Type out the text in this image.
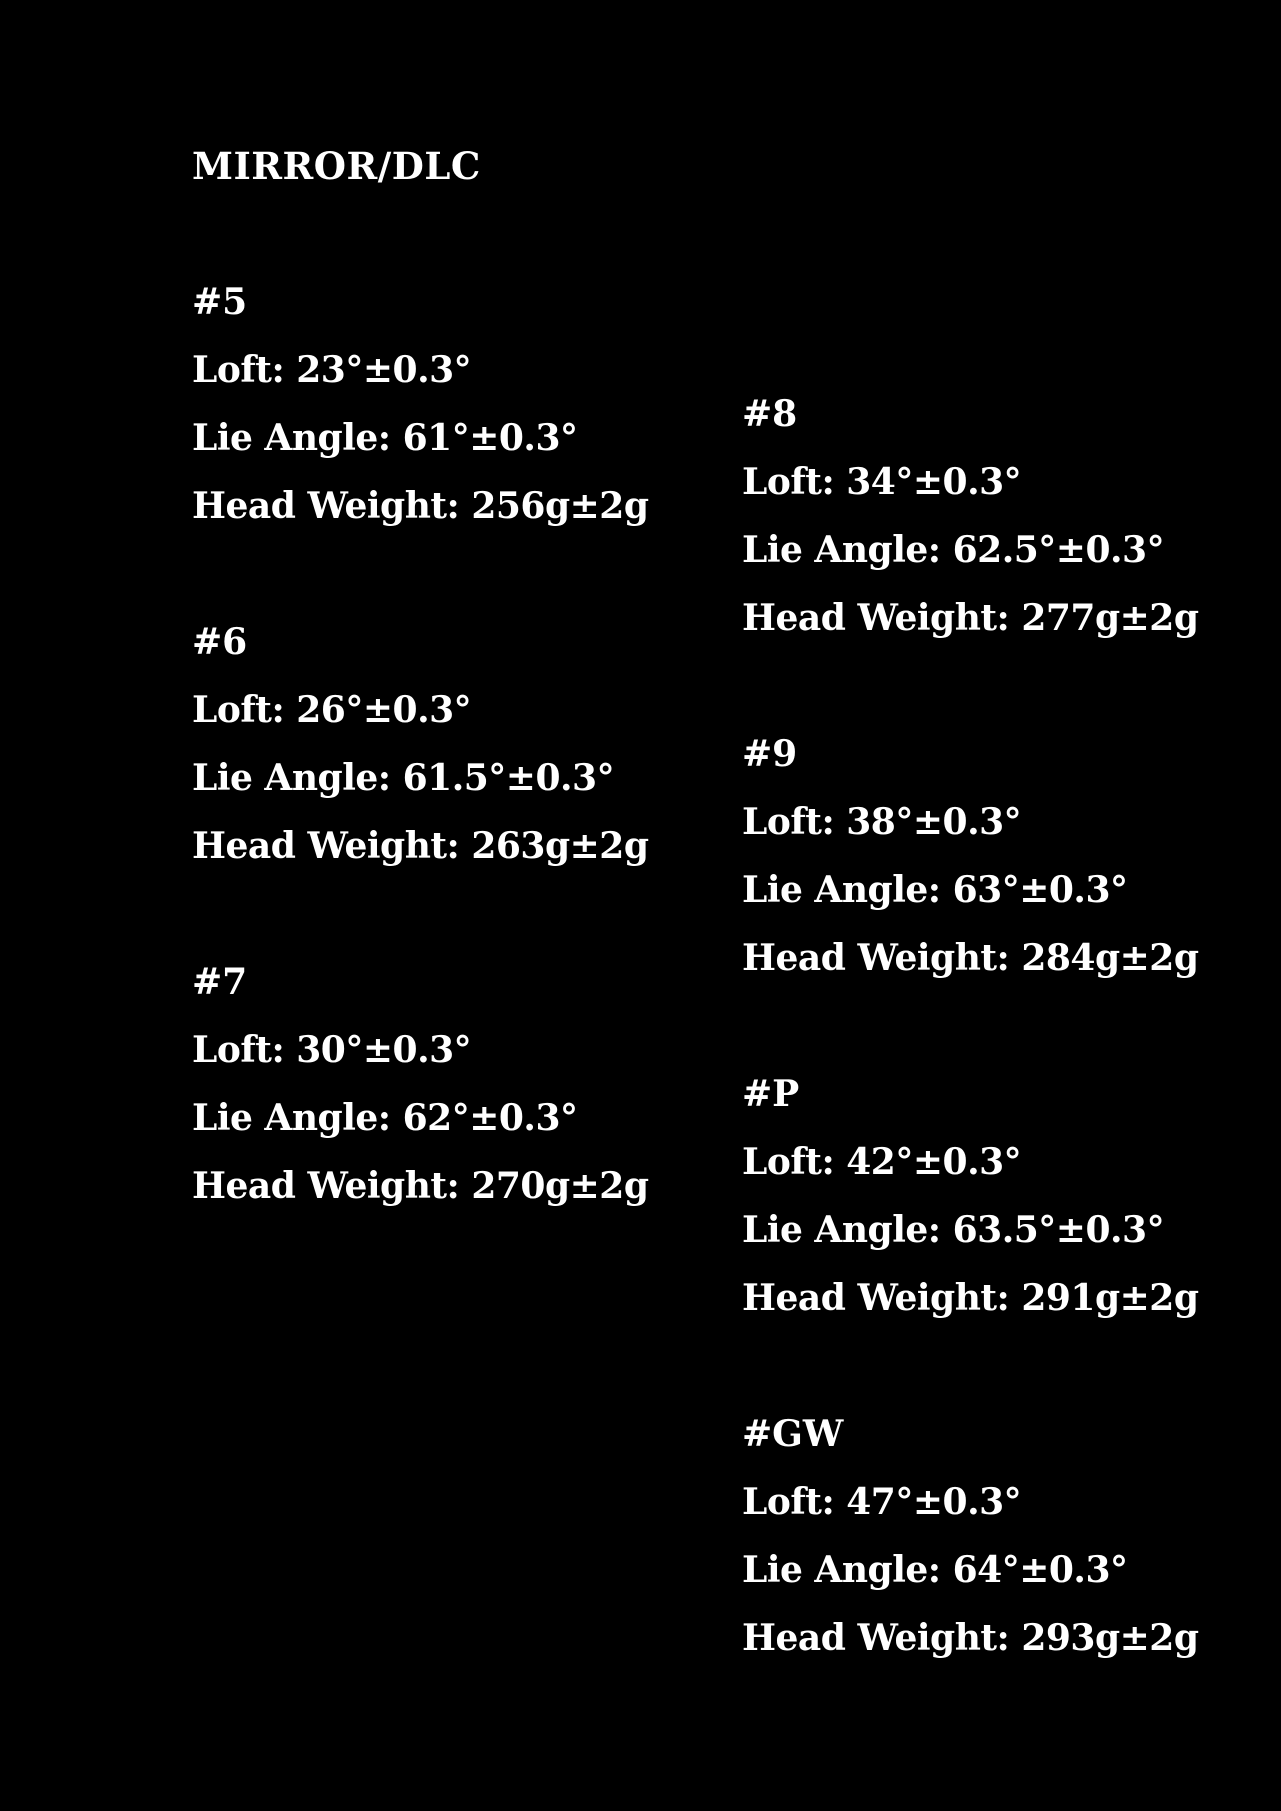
MIRROR/DLC
#5
Loft: 23°±0.3°
Lie Angle: 61°±0.3°
Head Weight: 256g±2g
#6
Loft: 26°±0.3°
Lie Angle: 61.5°±0.3°
Head Weight: 263g±2g
#7
Loft: 30°±0.3°
Lie Angle: 62°±0.3°
Head Weight: 270g±2g
#8
Loft: 34°±0.3°
Lie Angle: 62.5°±0.3°
Head Weight: 277g±2g
#9
Loft: 38°±0.3°
Lie Angle: 63°±0.3°
Head Weight: 284g±2g
#P
Loft: 42°±0.3°
Lie Angle: 63.5°±0.3°
Head Weight: 291g±2g
#GW
Loft: 47°±0.3°
Lie Angle: 64°±0.3°
Head Weight: 293g±2g
